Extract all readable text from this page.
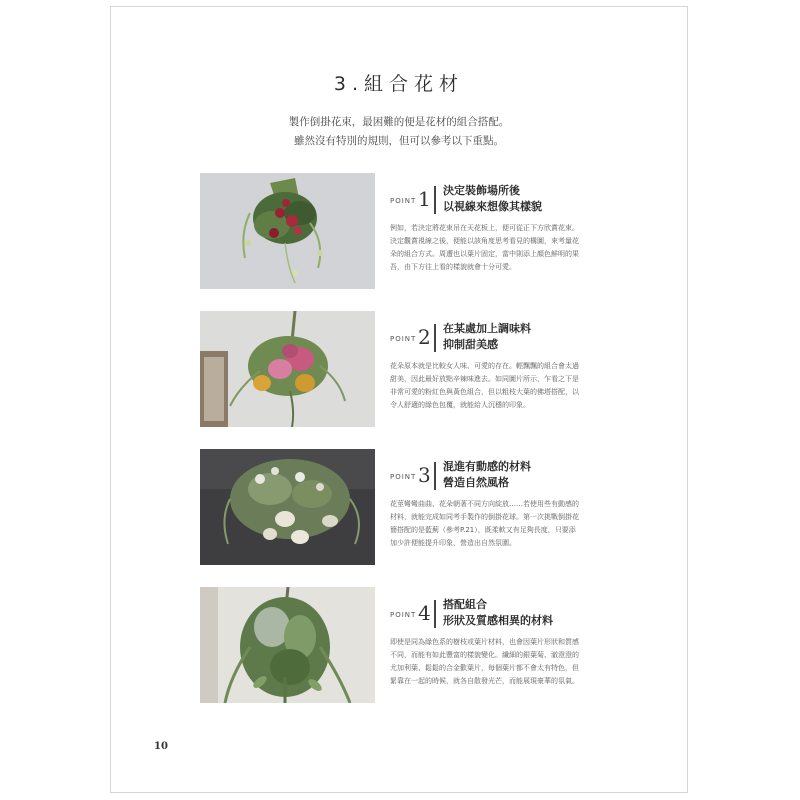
3.組合花材
製作倒掛花束，最困難的便是花材的組合搭配。
雖然沒有特別的規則，但可以參考以下重點。
POINT 1 決定裝飾場所後
以視線來想像其樣貌
例如，若決定將花束吊在天花板上，便可從正下方欣賞花束。
決定觀賞視線之後，便能以該角度思考看見的構圖，來考量花
朵的組合方式。周遭也以葉片固定，當中則添上顏色鮮明的果
吾，由下方往上看的樣貌就會十分可愛。
POINT 2 在某處加上調味料
抑制甜美感
花朵原本就是比較女人味、可愛的存在。輕飄飄的組合會太過
甜美，因此最好放點辛辣味進去。如同圖片所示，乍看之下是
非常可愛的粉紅色與黃色組合，但以粗枝大葉的佛塔搭配，以
令人舒適的綠色包覆，就能給人沉穩的印象。
POINT 3 混進有動感的材料
營造自然風格
花莖彎彎曲曲、花朵朝著不同方向綻放……若使用些有動感的
材料，就能完成如同考手製作的倒掛花球。第一次挑戰倒掛花
簡搭配的是藍薊（參考P.21），既柔軟又有足夠長度，只要添
加少許便能提升印象，營造出自然氛圍。
POINT 4 搭配組合
形狀及質感相異的材料
即使是同為綠色系的樹枝或葉片材料，也會因葉片形狀和質感
不同，而能有如此豐富的樣貌變化。纖細的銀葉菊、澈澄澄的
尤加利葉、鬆鬆的合金歡葉片，每個葉片都不會太有特色，但
緊靠在一起的時候，就各自散發光芒，而能展現豪華的氛氣。
10
